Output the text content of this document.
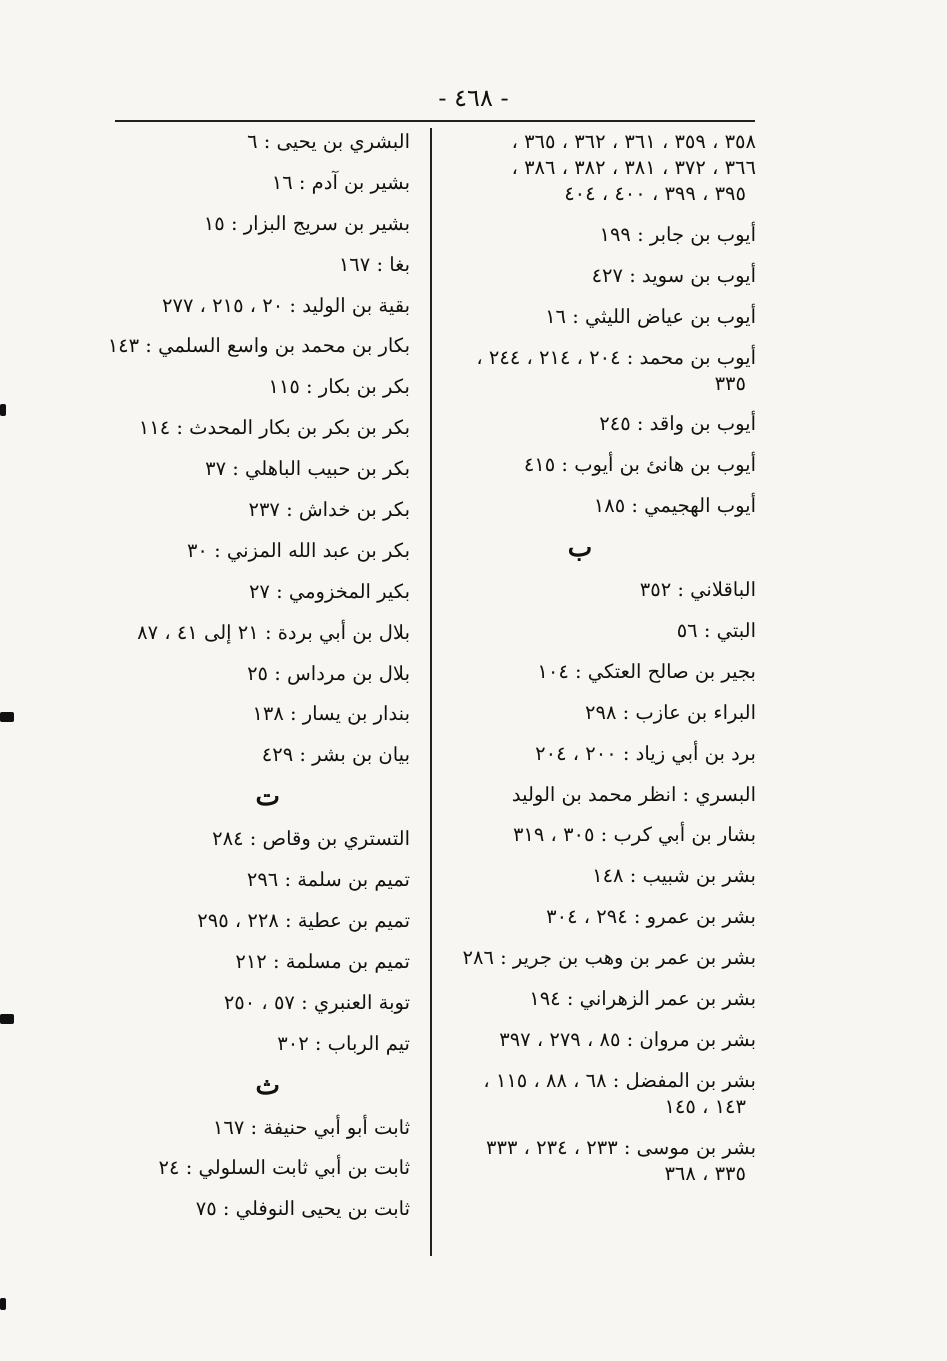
- ٤٦٨ -
٣٥٨ ، ٣٥٩ ، ٣٦١ ، ٣٦٢ ، ٣٦٥ ،
٣٦٦ ، ٣٧٢ ، ٣٨١ ، ٣٨٢ ، ٣٨٦ ،
٣٩٥ ، ٣٩٩ ، ٤٠٠ ، ٤٠٤
أيوب بن جابر : ١٩٩
أيوب بن سويد : ٤٢٧
أيوب بن عياض الليثي : ١٦
أيوب بن محمد : ٢٠٤ ، ٢١٤ ، ٢٤٤ ،
٣٣٥
أيوب بن واقد : ٢٤٥
أيوب بن هانئ بن أيوب : ٤١٥
أيوب الهجيمي : ١٨٥
ب
الباقلاني : ٣٥٢
البتي : ٥٦
بجير بن صالح العتكي : ١٠٤
البراء بن عازب : ٢٩٨
برد بن أبي زياد : ٢٠٠ ، ٢٠٤
البسري : انظر محمد بن الوليد
بشار بن أبي كرب : ٣٠٥ ، ٣١٩
بشر بن شبيب : ١٤٨
بشر بن عمرو : ٢٩٤ ، ٣٠٤
بشر بن عمر بن وهب بن جرير : ٢٨٦
بشر بن عمر الزهراني : ١٩٤
بشر بن مروان : ٨٥ ، ٢٧٩ ، ٣٩٧
بشر بن المفضل : ٦٨ ، ٨٨ ، ١١٥ ،
١٤٣ ، ١٤٥
بشر بن موسى : ٢٣٣ ، ٢٣٤ ، ٣٣٣
٣٣٥ ، ٣٦٨
البشري بن يحيى : ٦
بشير بن آدم : ١٦
بشير بن سريج البزار : ١٥
بغا : ١٦٧
بقية بن الوليد : ٢٠ ، ٢١٥ ، ٢٧٧
بكار بن محمد بن واسع السلمي : ١٤٣
بكر بن بكار : ١١٥
بكر بن بكر بن بكار المحدث : ١١٤
بكر بن حبيب الباهلي : ٣٧
بكر بن خداش : ٢٣٧
بكر بن عبد الله المزني : ٣٠
بكير المخزومي : ٢٧
بلال بن أبي بردة : ٢١ إلى ٤١ ، ٨٧
بلال بن مرداس : ٢٥
بندار بن يسار : ١٣٨
بيان بن بشر : ٤٢٩
ت
التستري بن وقاص : ٢٨٤
تميم بن سلمة : ٢٩٦
تميم بن عطية : ٢٢٨ ، ٢٩٥
تميم بن مسلمة : ٢١٢
توبة العنبري : ٥٧ ، ٢٥٠
تيم الرباب : ٣٠٢
ث
ثابت أبو أبي حنيفة : ١٦٧
ثابت بن أبي ثابت السلولي : ٢٤
ثابت بن يحيى النوفلي : ٧٥
